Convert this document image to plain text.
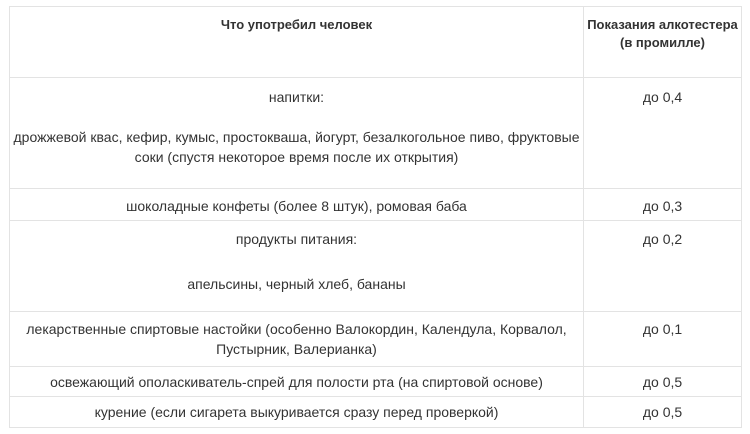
Что употребил человек	Показания алкотестера (в промилле)

напитки:
дрожжевой квас, кефир, кумыс, простокваша, йогурт, безалкогольное пиво, фруктовые соки (спустя некоторое время после их открытия)	до 0,4

шоколадные конфеты (более 8 штук), ромовая баба	до 0,3

продукты питания:
апельсины, черный хлеб, бананы	до 0,2

лекарственные спиртовые настойки (особенно Валокордин, Календула, Корвалол, Пустырник, Валерианка)	до 0,1

освежающий ополаскиватель-спрей для полости рта (на спиртовой основе)	до 0,5

курение (если сигарета выкуривается сразу перед проверкой)	до 0,5
